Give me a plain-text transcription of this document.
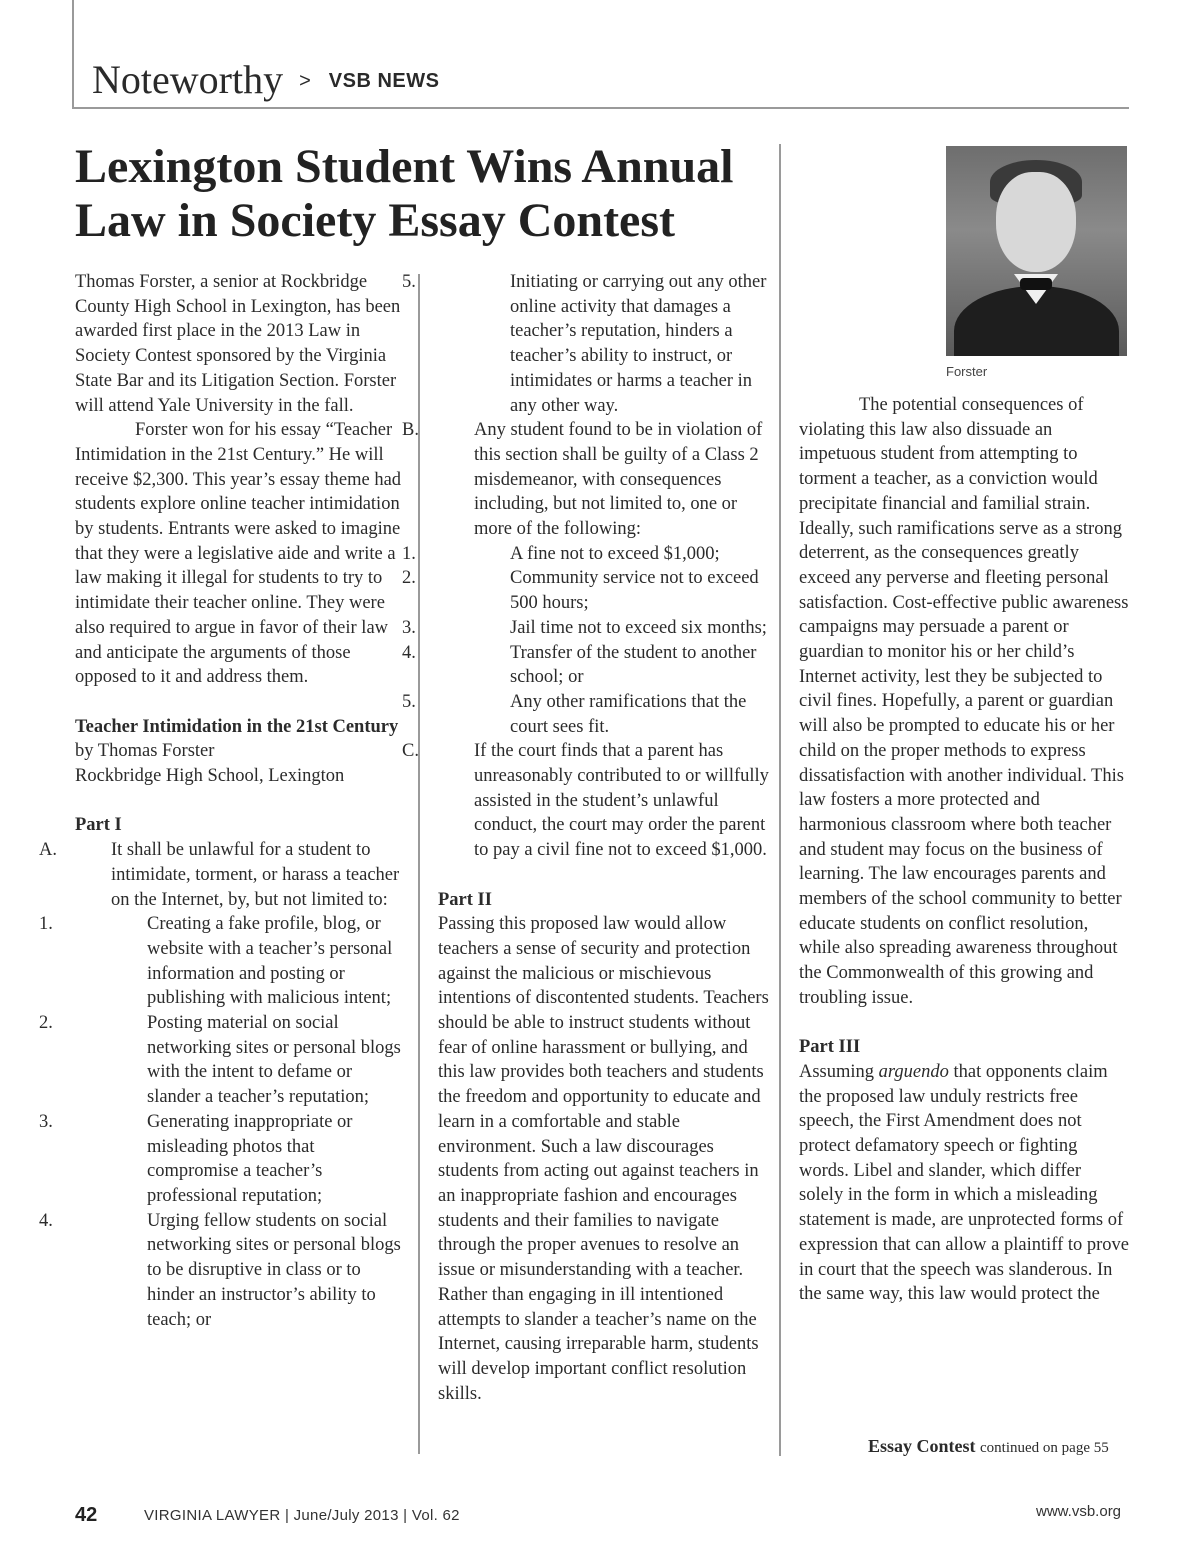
Noteworthy > VSB NEWS
Lexington Student Wins Annual
Law in Society Essay Contest

Thomas Forster, a senior at Rockbridge County High School in Lexington, has been awarded first place in the 2013 Law in Society Contest sponsored by the Virginia State Bar and its Litigation Section. Forster will attend Yale University in the fall.

Forster won for his essay “Teacher Intimidation in the 21st Century.” He will receive $2,300. This year’s essay theme had students explore online teacher intimidation by students. Entrants were asked to imagine that they were a legislative aide and write a law making it illegal for students to try to intimidate their teacher online. They were also required to argue in favor of their law and anticipate the arguments of those opposed to it and address them.

Teacher Intimidation in the 21st Century

by Thomas Forster

Rockbridge High School, Lexington

Part I

A.	It shall be unlawful for a student to intimidate, torment, or harass a teacher on the Internet, by, but not limited to:
1.	Creating a fake profile, blog, or website with a teacher’s personal information and posting or publishing with malicious intent;
2.	Posting material on social networking sites or personal blogs with the intent to defame or slander a teacher’s reputation;
3.	Generating inappropriate or misleading photos that compromise a teacher’s professional reputation;
4.	Urging fellow students on social networking sites or personal blogs to be disruptive in class or to hinder an instructor’s ability to teach; or
5.	Initiating or carrying out any other online activity that damages a teacher’s reputation, hinders a teacher’s ability to instruct, or intimidates or harms a teacher in any other way.
B.	Any student found to be in violation of this section shall be guilty of a Class 2 misdemeanor, with consequences including, but not limited to, one or more of the following:
1.	A fine not to exceed $1,000;
2.	Community service not to exceed 500 hours;
3.	Jail time not to exceed six months;
4.	Transfer of the student to another school; or
5.	Any other ramifications that the court sees fit.
C.	If the court finds that a parent has unreasonably contributed to or willfully assisted in the student’s unlawful conduct, the court may order the parent to pay a civil fine not to exceed $1,000.

Part II

Passing this proposed law would allow teachers a sense of security and protection against the malicious or mischievous intentions of discontented students. Teachers should be able to instruct students without fear of online harassment or bullying, and this law provides both teachers and students the freedom and opportunity to educate and learn in a comfortable and stable environment. Such a law discourages students from acting out against teachers in an inappropriate fashion and encourages students and their families to navigate through the proper avenues to resolve an issue or misunderstanding with a teacher. Rather than engaging in ill intentioned attempts to slander a teacher’s name on the Internet, causing irreparable harm, students will develop important conflict resolution skills.

Forster

The potential consequences of violating this law also dissuade an impetuous student from attempting to torment a teacher, as a conviction would precipitate financial and familial strain. Ideally, such ramifications serve as a strong deterrent, as the consequences greatly exceed any perverse and fleeting personal satisfaction. Cost-effective public awareness campaigns may persuade a parent or guardian to monitor his or her child’s Internet activity, lest they be subjected to civil fines. Hopefully, a parent or guardian will also be prompted to educate his or her child on the proper methods to express dissatisfaction with another individual. This law fosters a more protected and harmonious classroom where both teacher and student may focus on the business of learning. The law encourages parents and members of the school community to better educate students on conflict resolution, while also spreading awareness throughout the Commonwealth of this growing and troubling issue.

Part III

Assuming arguendo that opponents claim the proposed law unduly restricts free speech, the First Amendment does not protect defamatory speech or fighting words. Libel and slander, which differ solely in the form in which a misleading statement is made, are unprotected forms of expression that can allow a plaintiff to prove in court that the speech was slanderous. In the same way, this law would protect the

Essay Contest continued on page 55
42	VIRGINIA LAWYER | June/July 2013 | Vol. 62	www.vsb.org
